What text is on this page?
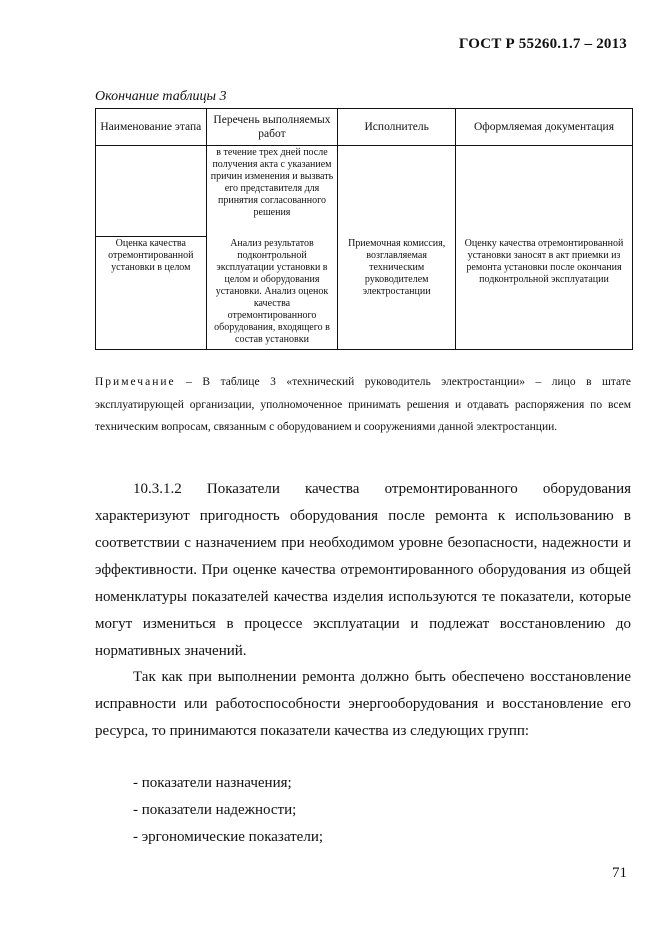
ГОСТ Р 55260.1.7 – 2013
Окончание таблицы 3
Наименование этапа	Перечень выполняемых работ	Исполнитель	Оформляемая документация
	в течение трех дней после получения акта с указанием причин изменения и вызвать его представителя для принятия согласованного решения		
Оценка качества отремонтированной установки в целом	Анализ результатов подконтрольной эксплуатации установки в целом и оборудования установки. Анализ оценок качества отремонтированного оборудования, входящего в состав установки	Приемочная комиссия, возглавляемая техническим руководителем электростанции	Оценку качества отремонтированной установки заносят в акт приемки из ремонта установки после окончания подконтрольной эксплуатации
Примечание – В таблице 3 «технический руководитель электростанции» – лицо в штате эксплуатирующей организации, уполномоченное принимать решения и отдавать распоряжения по всем техническим вопросам, связанным с оборудованием и сооружениями данной электростанции.

10.3.1.2 Показатели качества отремонтированного оборудования характеризуют пригодность оборудования после ремонта к использованию в соответствии с назначением при необходимом уровне безопасности, надежности и эффективности. При оценке качества отремонтированного оборудования из общей номенклатуры показателей качества изделия используются те показатели, которые могут измениться в процессе эксплуатации и подлежат восстановлению до нормативных значений.

Так как при выполнении ремонта должно быть обеспечено восстановление исправности или работоспособности энергооборудования и восстановление его ресурса, то принимаются показатели качества из следующих групп:

- показатели назначения;
- показатели надежности;
- эргономические показатели;
71
